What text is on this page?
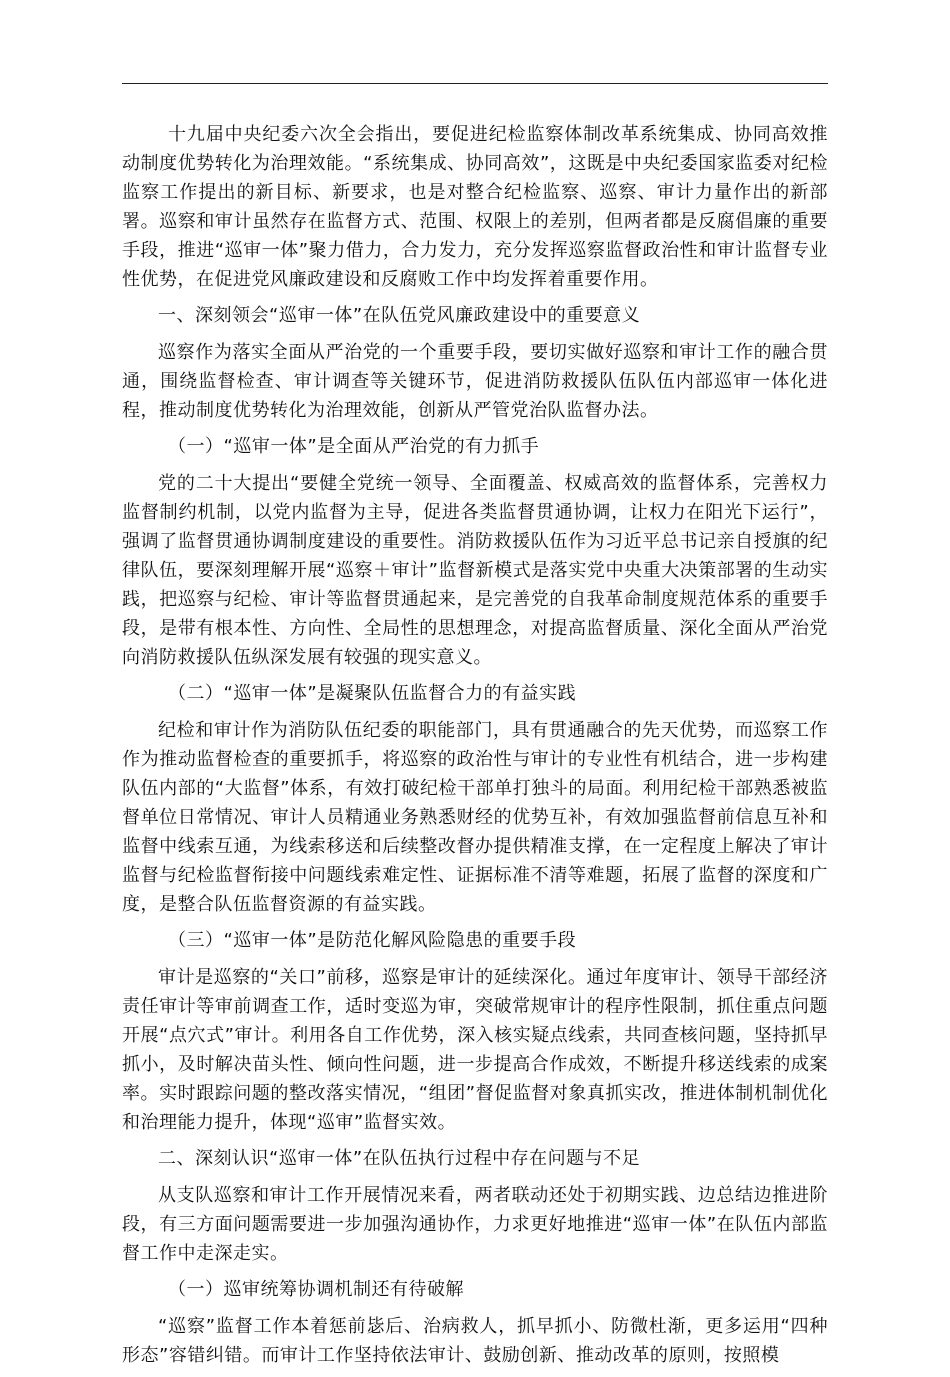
十九届中央纪委六次全会指出，要促进纪检监察体制改革系统集成、协同高效推动制度优势转化为治理效能。“系统集成、协同高效”，这既是中央纪委国家监委对纪检监察工作提出的新目标、新要求，也是对整合纪检监察、巡察、审计力量作出的新部署。巡察和审计虽然存在监督方式、范围、权限上的差别，但两者都是反腐倡廉的重要手段，推进“巡审一体”聚力借力，合力发力，充分发挥巡察监督政治性和审计监督专业性优势，在促进党风廉政建设和反腐败工作中均发挥着重要作用。

一、深刻领会“巡审一体”在队伍党风廉政建设中的重要意义

巡察作为落实全面从严治党的一个重要手段，要切实做好巡察和审计工作的融合贯通，围绕监督检查、审计调查等关键环节，促进消防救援队伍队伍内部巡审一体化进程，推动制度优势转化为治理效能，创新从严管党治队监督办法。

（一）“巡审一体”是全面从严治党的有力抓手

党的二十大提出“要健全党统一领导、全面覆盖、权威高效的监督体系，完善权力监督制约机制，以党内监督为主导，促进各类监督贯通协调，让权力在阳光下运行”，强调了监督贯通协调制度建设的重要性。消防救援队伍作为习近平总书记亲自授旗的纪律队伍，要深刻理解开展“巡察＋审计”监督新模式是落实党中央重大决策部署的生动实践，把巡察与纪检、审计等监督贯通起来，是完善党的自我革命制度规范体系的重要手段，是带有根本性、方向性、全局性的思想理念，对提高监督质量、深化全面从严治党向消防救援队伍纵深发展有较强的现实意义。

（二）“巡审一体”是凝聚队伍监督合力的有益实践

纪检和审计作为消防队伍纪委的职能部门，具有贯通融合的先天优势，而巡察工作作为推动监督检查的重要抓手，将巡察的政治性与审计的专业性有机结合，进一步构建队伍内部的“大监督”体系，有效打破纪检干部单打独斗的局面。利用纪检干部熟悉被监督单位日常情况、审计人员精通业务熟悉财经的优势互补，有效加强监督前信息互补和监督中线索互通，为线索移送和后续整改督办提供精准支撑，在一定程度上解决了审计监督与纪检监督衔接中问题线索难定性、证据标准不清等难题，拓展了监督的深度和广度，是整合队伍监督资源的有益实践。

（三）“巡审一体”是防范化解风险隐患的重要手段

审计是巡察的“关口”前移，巡察是审计的延续深化。通过年度审计、领导干部经济责任审计等审前调查工作，适时变巡为审，突破常规审计的程序性限制，抓住重点问题开展“点穴式”审计。利用各自工作优势，深入核实疑点线索，共同查核问题，坚持抓早抓小，及时解决苗头性、倾向性问题，进一步提高合作成效，不断提升移送线索的成案率。实时跟踪问题的整改落实情况，“组团”督促监督对象真抓实改，推进体制机制优化和治理能力提升，体现“巡审”监督实效。

二、深刻认识“巡审一体”在队伍执行过程中存在问题与不足

从支队巡察和审计工作开展情况来看，两者联动还处于初期实践、边总结边推进阶段，有三方面问题需要进一步加强沟通协作，力求更好地推进“巡审一体”在队伍内部监督工作中走深走实。

（一）巡审统筹协调机制还有待破解

“巡察”监督工作本着惩前毖后、治病救人，抓早抓小、防微杜渐，更多运用“四种形态”容错纠错。而审计工作坚持依法审计、鼓励创新、推动改革的原则，按照模
